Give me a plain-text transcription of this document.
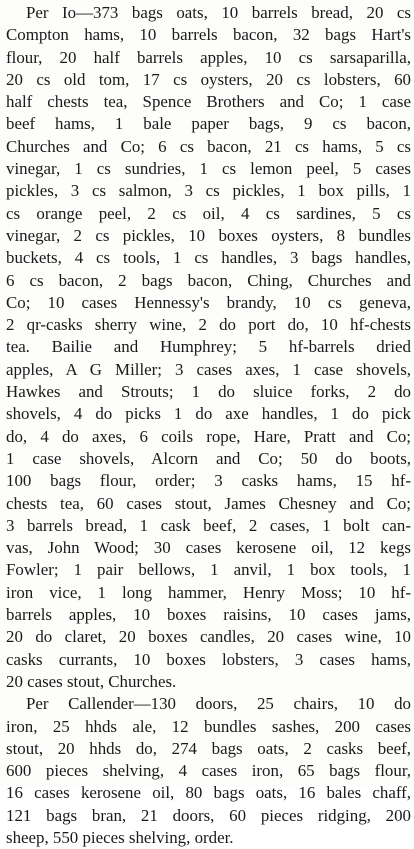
Per Io—373 bags oats, 10 barrels bread, 20 cs
Compton hams, 10 barrels bacon, 32 bags Hart's
flour, 20 half barrels apples, 10 cs sarsaparilla,
20 cs old tom, 17 cs oysters, 20 cs lobsters, 60
half chests tea, Spence Brothers and Co; 1 case
beef hams, 1 bale paper bags, 9 cs bacon,
Churches and Co; 6 cs bacon, 21 cs hams, 5 cs
vinegar, 1 cs sundries, 1 cs lemon peel, 5 cases
pickles, 3 cs salmon, 3 cs pickles, 1 box pills, 1
cs orange peel, 2 cs oil, 4 cs sardines, 5 cs
vinegar, 2 cs pickles, 10 boxes oysters, 8 bundles
buckets, 4 cs tools, 1 cs handles, 3 bags handles,
6 cs bacon, 2 bags bacon, Ching, Churches and
Co; 10 cases Hennessy's brandy, 10 cs geneva,
2 qr-casks sherry wine, 2 do port do, 10 hf-chests
tea. Bailie and Humphrey; 5 hf-barrels dried
apples, A G Miller; 3 cases axes, 1 case shovels,
Hawkes and Strouts; 1 do sluice forks, 2 do
shovels, 4 do picks 1 do axe handles, 1 do pick
do, 4 do axes, 6 coils rope, Hare, Pratt and Co;
1 case shovels, Alcorn and Co; 50 do boots,
100 bags flour, order; 3 casks hams, 15 hf-
chests tea, 60 cases stout, James Chesney and Co;
3 barrels bread, 1 cask beef, 2 cases, 1 bolt can-
vas, John Wood; 30 cases kerosene oil, 12 kegs
Fowler; 1 pair bellows, 1 anvil, 1 box tools, 1
iron vice, 1 long hammer, Henry Moss; 10 hf-
barrels apples, 10 boxes raisins, 10 cases jams,
20 do claret, 20 boxes candles, 20 cases wine, 10
casks currants, 10 boxes lobsters, 3 cases hams,
20 cases stout, Churches.
Per Callender—130 doors, 25 chairs, 10 do
iron, 25 hhds ale, 12 bundles sashes, 200 cases
stout, 20 hhds do, 274 bags oats, 2 casks beef,
600 pieces shelving, 4 cases iron, 65 bags flour,
16 cases kerosene oil, 80 bags oats, 16 bales chaff,
121 bags bran, 21 doors, 60 pieces ridging, 200
sheep, 550 pieces shelving, order.
